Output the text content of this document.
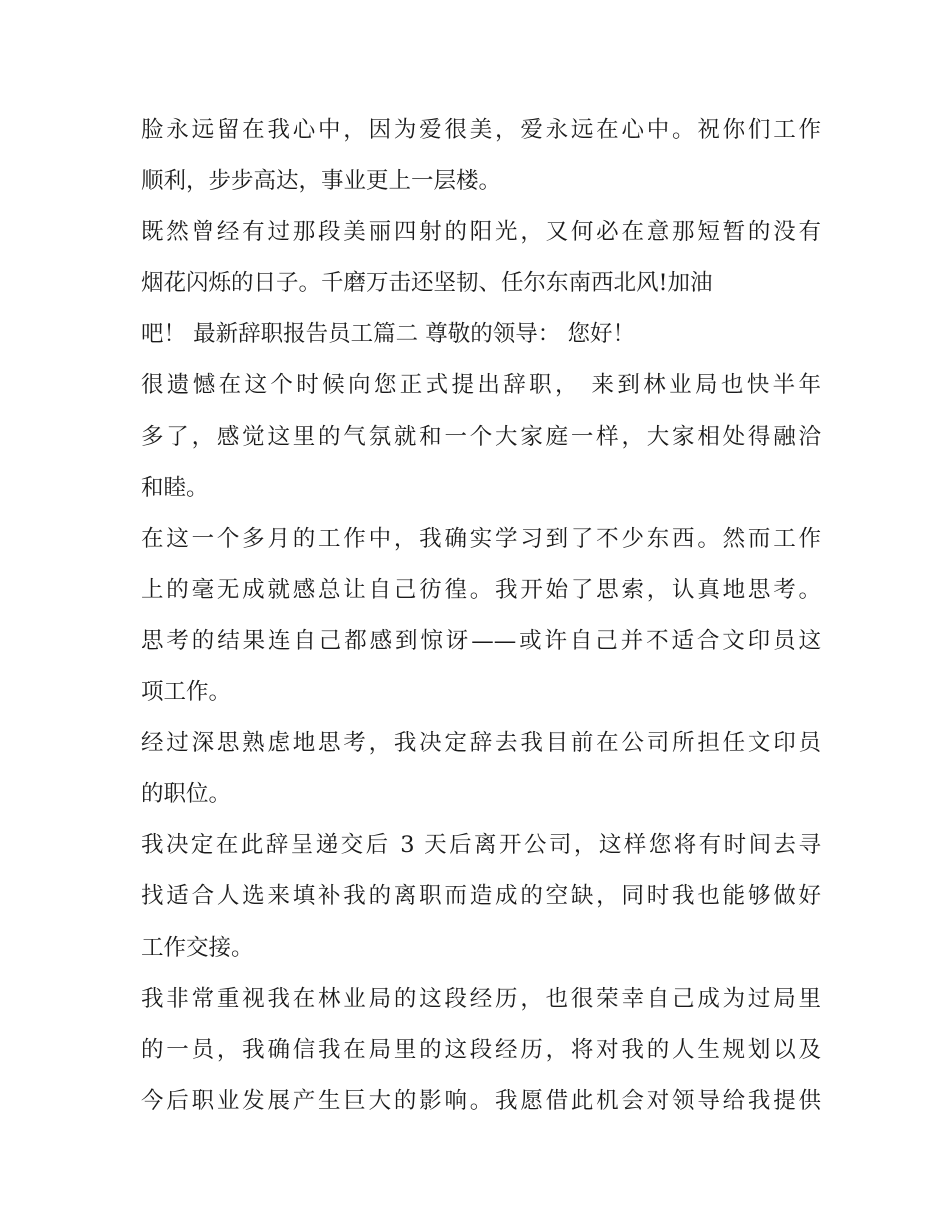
脸永远留在我心中，因为爱很美，爱永远在心中。祝你们工作
顺利，步步高达，事业更上一层楼。
既然曾经有过那段美丽四射的阳光，又何必在意那短暂的没有
烟花闪烁的日子。千磨万击还坚韧、任尔东南西北风!加油
吧！ 最新辞职报告员工篇二 尊敬的领导： 您好！
很遗憾在这个时候向您正式提出辞职， 来到林业局也快半年
多了，感觉这里的气氛就和一个大家庭一样，大家相处得融洽
和睦。
在这一个多月的工作中，我确实学习到了不少东西。然而工作
上的毫无成就感总让自己彷徨。我开始了思索，认真地思考。
思考的结果连自己都感到惊讶——或许自己并不适合文印员这
项工作。
经过深思熟虑地思考，我决定辞去我目前在公司所担任文印员
的职位。
我决定在此辞呈递交后 3 天后离开公司，这样您将有时间去寻
找适合人选来填补我的离职而造成的空缺，同时我也能够做好
工作交接。
我非常重视我在林业局的这段经历，也很荣幸自己成为过局里
的一员，我确信我在局里的这段经历，将对我的人生规划以及
今后职业发展产生巨大的影响。我愿借此机会对领导给我提供
